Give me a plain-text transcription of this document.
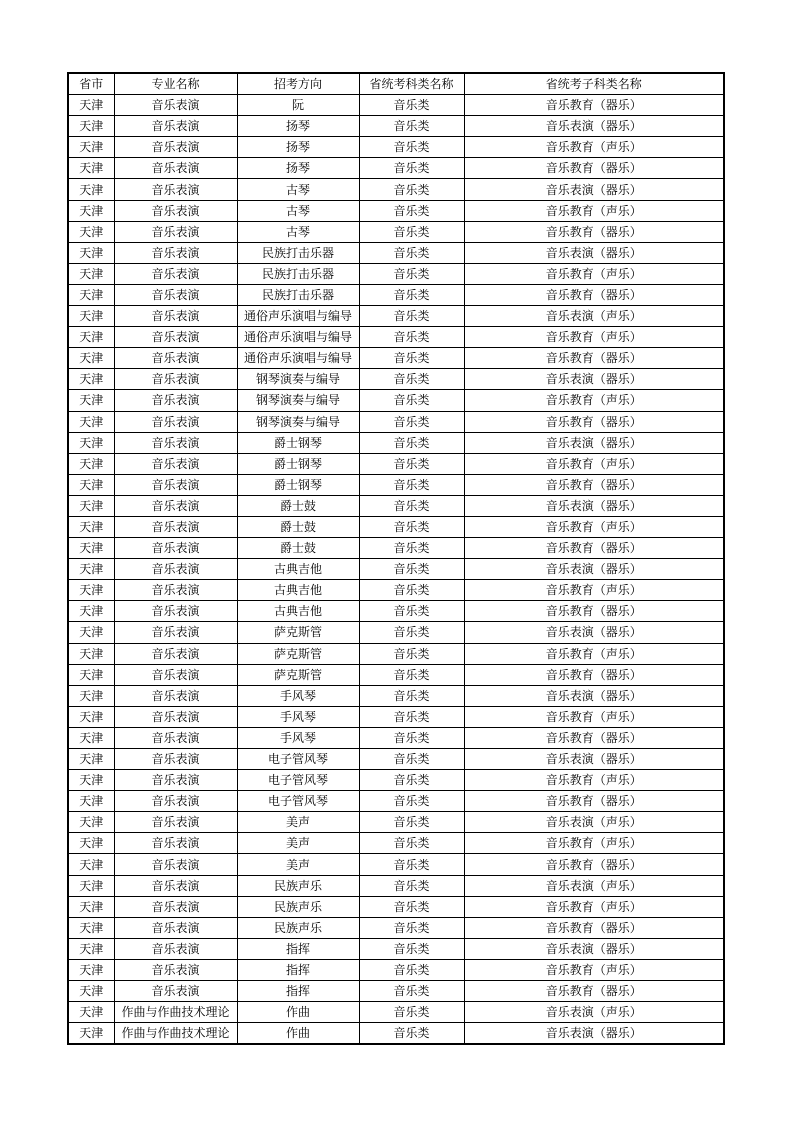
省市	专业名称	招考方向	省统考科类名称	省统考子科类名称
天津	音乐表演	阮	音乐类	音乐教育（器乐）
天津	音乐表演	扬琴	音乐类	音乐表演（器乐）
天津	音乐表演	扬琴	音乐类	音乐教育（声乐）
天津	音乐表演	扬琴	音乐类	音乐教育（器乐）
天津	音乐表演	古琴	音乐类	音乐表演（器乐）
天津	音乐表演	古琴	音乐类	音乐教育（声乐）
天津	音乐表演	古琴	音乐类	音乐教育（器乐）
天津	音乐表演	民族打击乐器	音乐类	音乐表演（器乐）
天津	音乐表演	民族打击乐器	音乐类	音乐教育（声乐）
天津	音乐表演	民族打击乐器	音乐类	音乐教育（器乐）
天津	音乐表演	通俗声乐演唱与编导	音乐类	音乐表演（声乐）
天津	音乐表演	通俗声乐演唱与编导	音乐类	音乐教育（声乐）
天津	音乐表演	通俗声乐演唱与编导	音乐类	音乐教育（器乐）
天津	音乐表演	钢琴演奏与编导	音乐类	音乐表演（器乐）
天津	音乐表演	钢琴演奏与编导	音乐类	音乐教育（声乐）
天津	音乐表演	钢琴演奏与编导	音乐类	音乐教育（器乐）
天津	音乐表演	爵士钢琴	音乐类	音乐表演（器乐）
天津	音乐表演	爵士钢琴	音乐类	音乐教育（声乐）
天津	音乐表演	爵士钢琴	音乐类	音乐教育（器乐）
天津	音乐表演	爵士鼓	音乐类	音乐表演（器乐）
天津	音乐表演	爵士鼓	音乐类	音乐教育（声乐）
天津	音乐表演	爵士鼓	音乐类	音乐教育（器乐）
天津	音乐表演	古典吉他	音乐类	音乐表演（器乐）
天津	音乐表演	古典吉他	音乐类	音乐教育（声乐）
天津	音乐表演	古典吉他	音乐类	音乐教育（器乐）
天津	音乐表演	萨克斯管	音乐类	音乐表演（器乐）
天津	音乐表演	萨克斯管	音乐类	音乐教育（声乐）
天津	音乐表演	萨克斯管	音乐类	音乐教育（器乐）
天津	音乐表演	手风琴	音乐类	音乐表演（器乐）
天津	音乐表演	手风琴	音乐类	音乐教育（声乐）
天津	音乐表演	手风琴	音乐类	音乐教育（器乐）
天津	音乐表演	电子管风琴	音乐类	音乐表演（器乐）
天津	音乐表演	电子管风琴	音乐类	音乐教育（声乐）
天津	音乐表演	电子管风琴	音乐类	音乐教育（器乐）
天津	音乐表演	美声	音乐类	音乐表演（声乐）
天津	音乐表演	美声	音乐类	音乐教育（声乐）
天津	音乐表演	美声	音乐类	音乐教育（器乐）
天津	音乐表演	民族声乐	音乐类	音乐表演（声乐）
天津	音乐表演	民族声乐	音乐类	音乐教育（声乐）
天津	音乐表演	民族声乐	音乐类	音乐教育（器乐）
天津	音乐表演	指挥	音乐类	音乐表演（器乐）
天津	音乐表演	指挥	音乐类	音乐教育（声乐）
天津	音乐表演	指挥	音乐类	音乐教育（器乐）
天津	作曲与作曲技术理论	作曲	音乐类	音乐表演（声乐）
天津	作曲与作曲技术理论	作曲	音乐类	音乐表演（器乐）
